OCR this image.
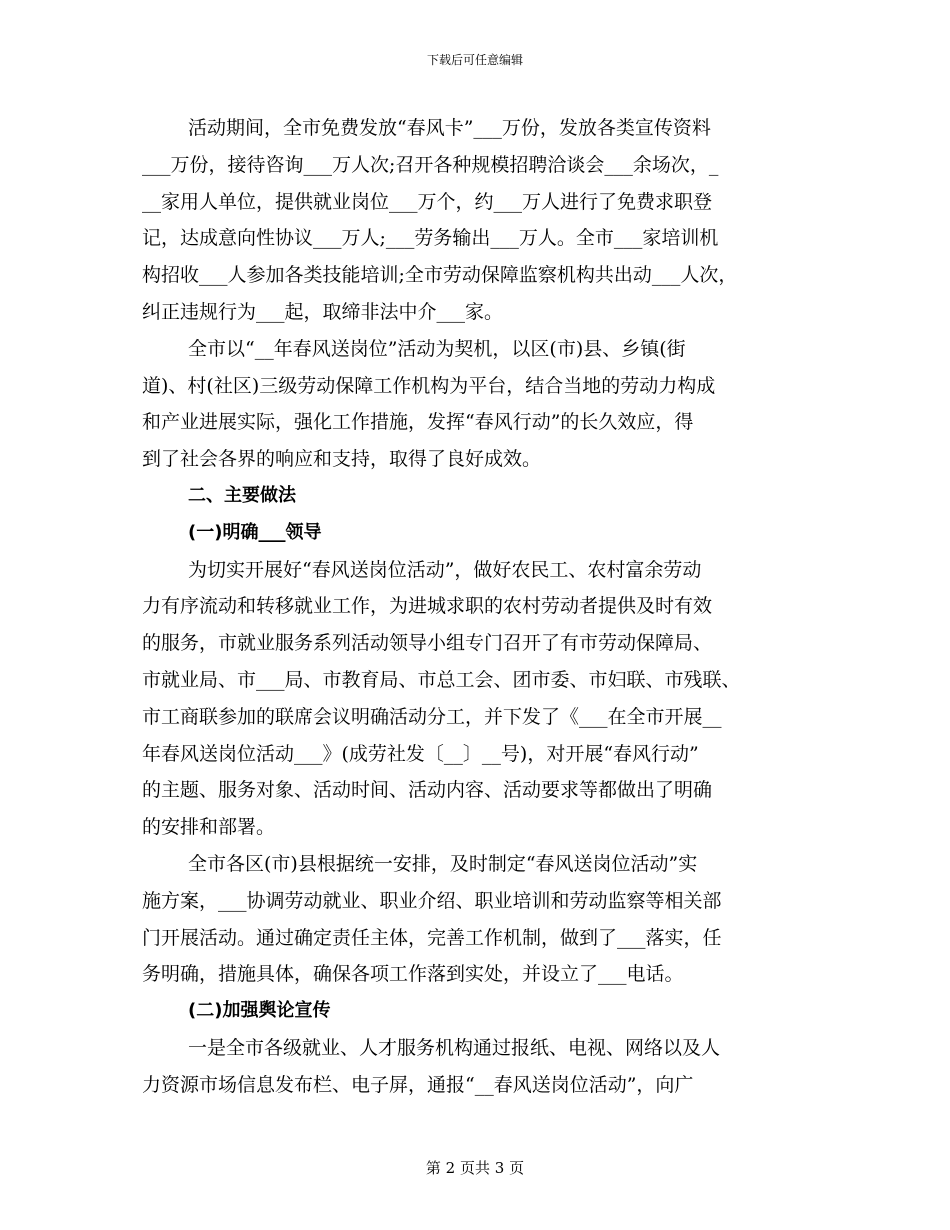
下载后可任意编辑
活动期间，全市免费发放“春风卡”___万份，发放各类宣传资料
___万份，接待咨询___万人次;召开各种规模招聘洽谈会___余场次，_
__家用人单位，提供就业岗位___万个，约___万人进行了免费求职登
记，达成意向性协议___万人;___劳务输出___万人。全市___家培训机
构招收___人参加各类技能培训;全市劳动保障监察机构共出动___人次，
纠正违规行为___起，取缔非法中介___家。
全市以“__年春风送岗位”活动为契机，以区(市)县、乡镇(街
道)、村(社区)三级劳动保障工作机构为平台，结合当地的劳动力构成
和产业进展实际，强化工作措施，发挥“春风行动”的长久效应，得
到了社会各界的响应和支持，取得了良好成效。
二、主要做法
(一)明确___领导
为切实开展好“春风送岗位活动”，做好农民工、农村富余劳动
力有序流动和转移就业工作，为进城求职的农村劳动者提供及时有效
的服务，市就业服务系列活动领导小组专门召开了有市劳动保障局、
市就业局、市___局、市教育局、市总工会、团市委、市妇联、市残联、
市工商联参加的联席会议明确活动分工，并下发了《___在全市开展__
年春风送岗位活动___》(成劳社发〔__〕__号)，对开展“春风行动”
的主题、服务对象、活动时间、活动内容、活动要求等都做出了明确
的安排和部署。
全市各区(市)县根据统一安排，及时制定“春风送岗位活动”实
施方案，___协调劳动就业、职业介绍、职业培训和劳动监察等相关部
门开展活动。通过确定责任主体，完善工作机制，做到了___落实，任
务明确，措施具体，确保各项工作落到实处，并设立了___电话。
(二)加强舆论宣传
一是全市各级就业、人才服务机构通过报纸、电视、网络以及人
力资源市场信息发布栏、电子屏，通报“__春风送岗位活动”，向广
第 2 页共 3 页
